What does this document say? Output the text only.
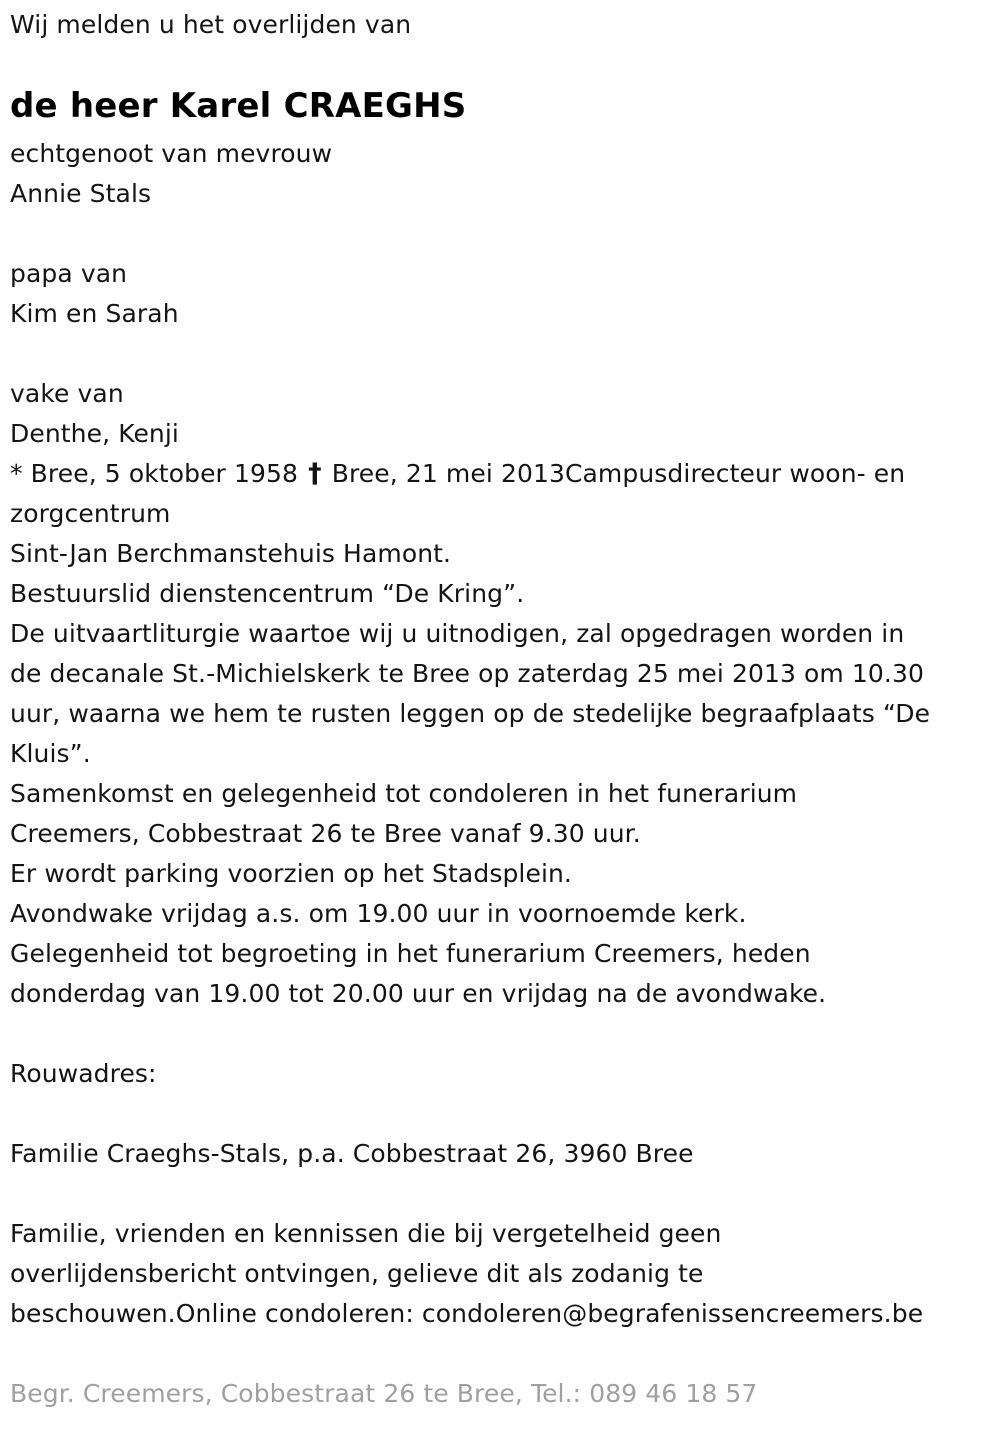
Wij melden u het overlijden van
de heer Karel CRAEGHS
echtgenoot van mevrouw
Annie Stals
papa van
Kim en Sarah
vake van
Denthe, Kenji
* Bree, 5 oktober 1958 † Bree, 21 mei 2013Campusdirecteur woon- en
zorgcentrum
Sint-Jan Berchmanstehuis Hamont.
Bestuurslid dienstencentrum “De Kring”.
De uitvaartliturgie waartoe wij u uitnodigen, zal opgedragen worden in
de decanale St.-Michielskerk te Bree op zaterdag 25 mei 2013 om 10.30
uur, waarna we hem te rusten leggen op de stedelijke begraafplaats “De
Kluis”.
Samenkomst en gelegenheid tot condoleren in het funerarium
Creemers, Cobbestraat 26 te Bree vanaf 9.30 uur.
Er wordt parking voorzien op het Stadsplein.
Avondwake vrijdag a.s. om 19.00 uur in voornoemde kerk.
Gelegenheid tot begroeting in het funerarium Creemers, heden
donderdag van 19.00 tot 20.00 uur en vrijdag na de avondwake.
Rouwadres:
Familie Craeghs-Stals, p.a. Cobbestraat 26, 3960 Bree
Familie, vrienden en kennissen die bij vergetelheid geen
overlijdensbericht ontvingen, gelieve dit als zodanig te
beschouwen.Online condoleren: condoleren@begrafenissencreemers.be
Begr. Creemers, Cobbestraat 26 te Bree, Tel.: 089 46 18 57
